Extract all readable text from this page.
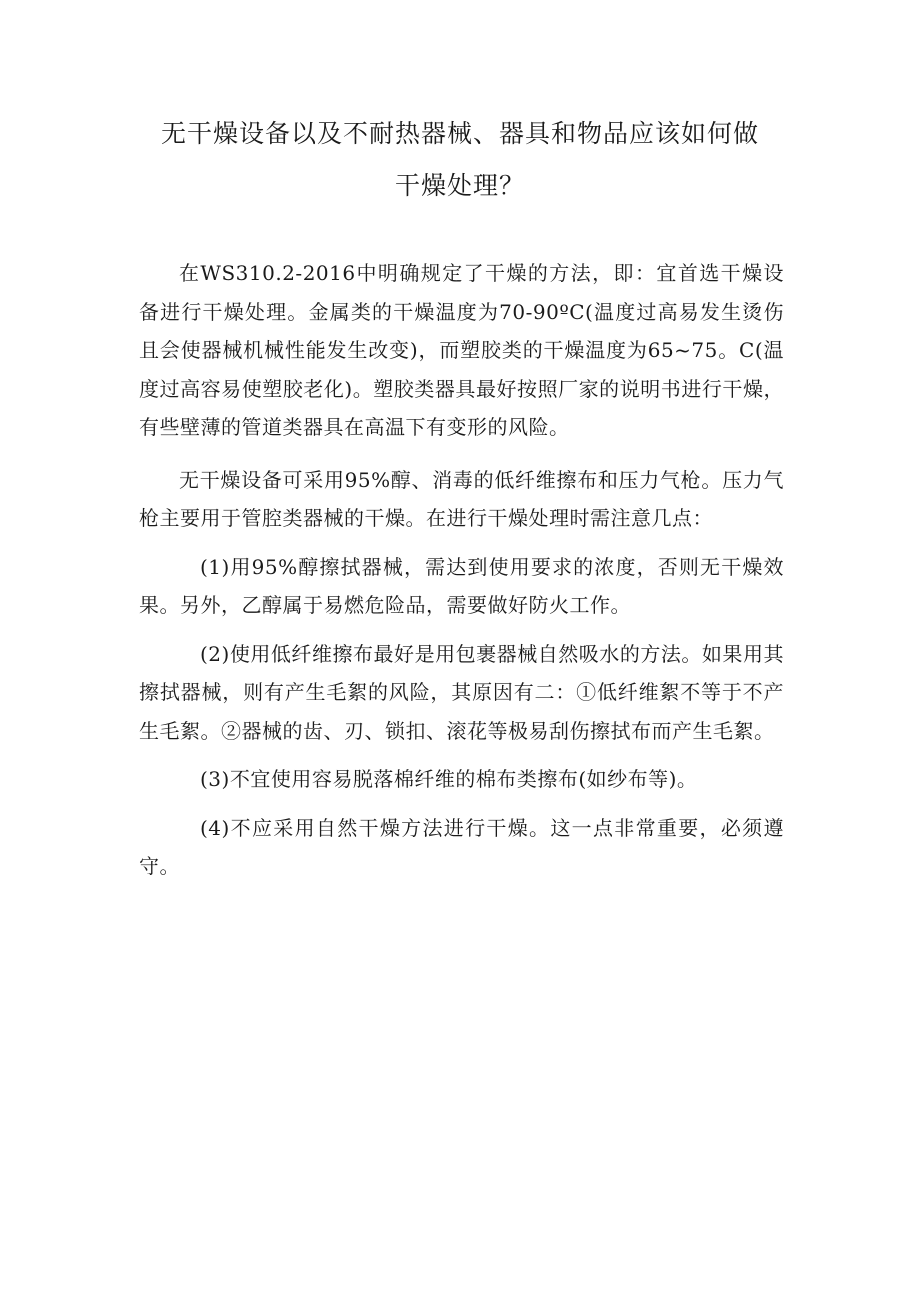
无干燥设备以及不耐热器械、器具和物品应该如何做
干燥处理？

在WS310.2-2016中明确规定了干燥的方法，即：宜首选干燥设备进行干燥处理。金属类的干燥温度为70-90ºC(温度过高易发生烫伤且会使器械机械性能发生改变)，而塑胶类的干燥温度为65~75。C(温度过高容易使塑胶老化)。塑胶类器具最好按照厂家的说明书进行干燥，有些壁薄的管道类器具在高温下有变形的风险。

无干燥设备可采用95%醇、消毒的低纤维擦布和压力气枪。压力气枪主要用于管腔类器械的干燥。在进行干燥处理时需注意几点：

(1)用95%醇擦拭器械，需达到使用要求的浓度，否则无干燥效果。另外，乙醇属于易燃危险品，需要做好防火工作。

(2)使用低纤维擦布最好是用包裹器械自然吸水的方法。如果用其擦拭器械，则有产生毛絮的风险，其原因有二：①低纤维絮不等于不产生毛絮。②器械的齿、刃、锁扣、滚花等极易刮伤擦拭布而产生毛絮。

(3)不宜使用容易脱落棉纤维的棉布类擦布(如纱布等)。

(4)不应采用自然干燥方法进行干燥。这一点非常重要，必须遵守。
